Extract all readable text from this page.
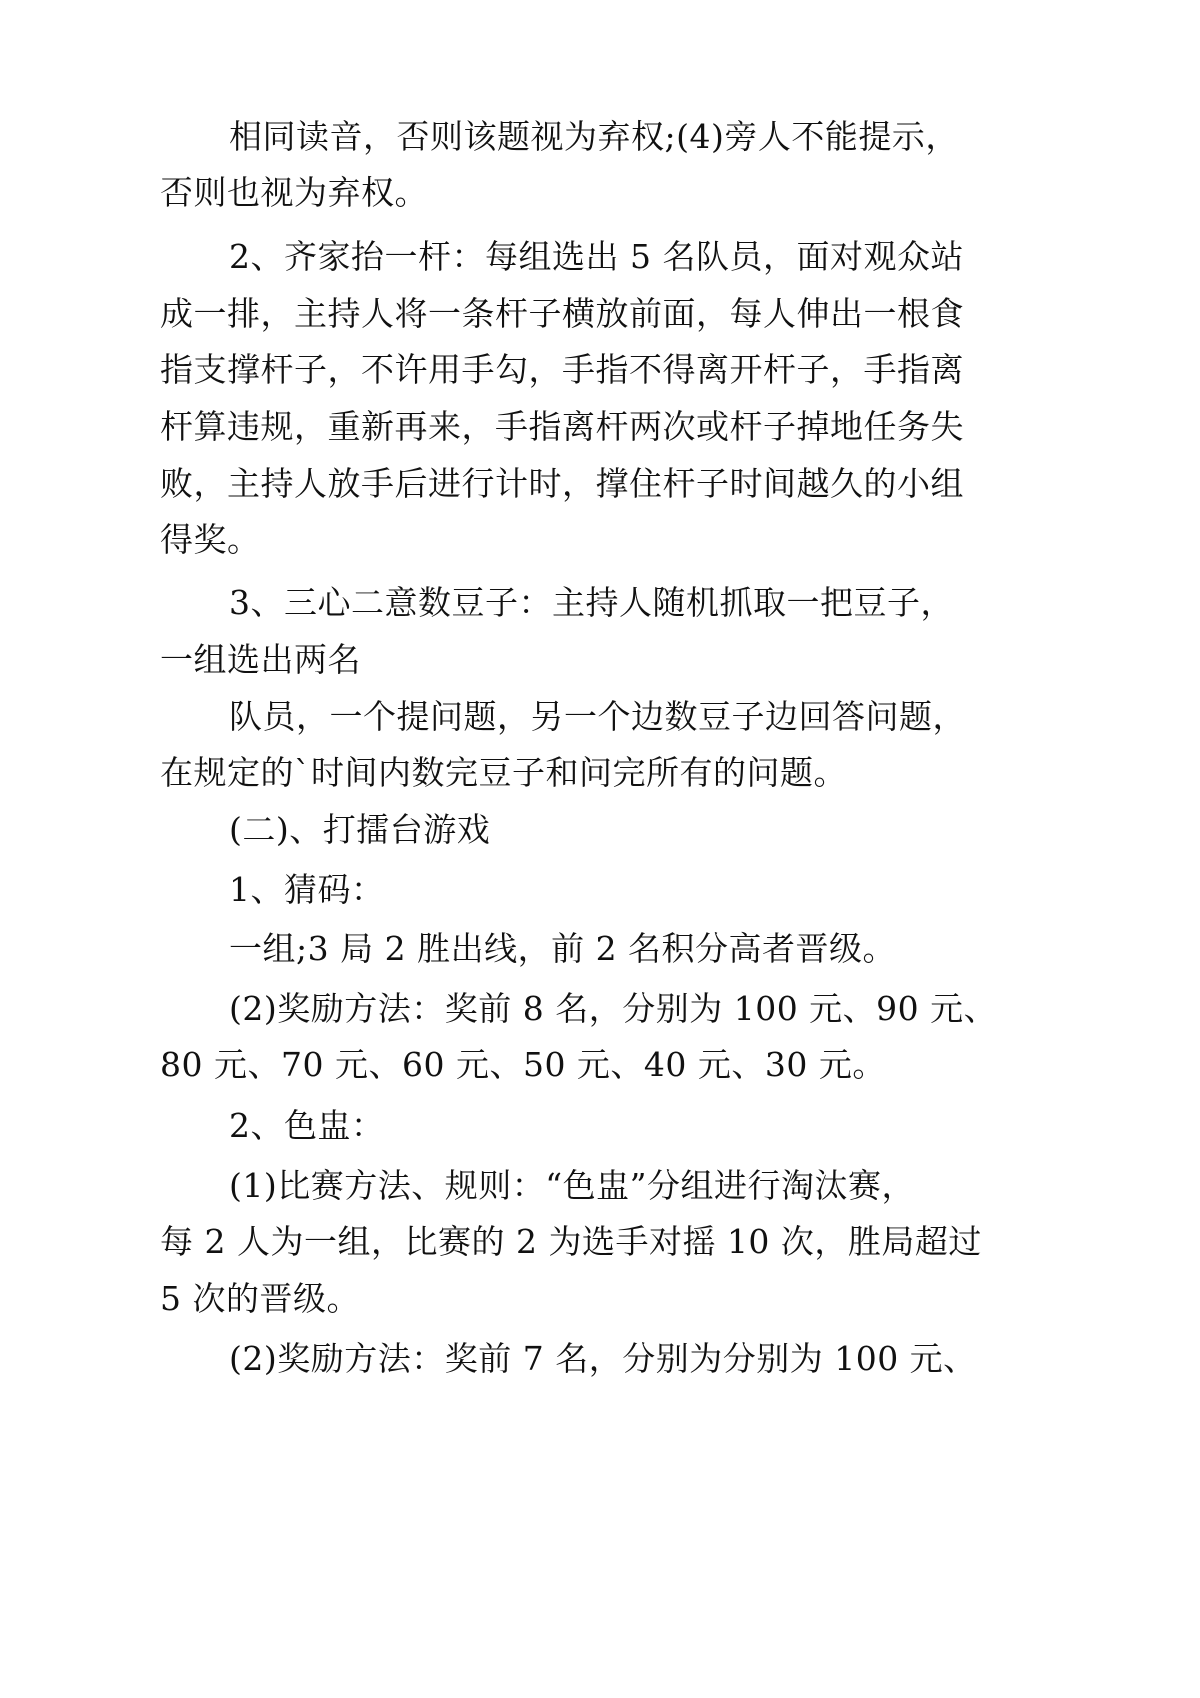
相同读音，否则该题视为弃权;(4)旁人不能提示，
否则也视为弃权。
2、齐家抬一杆：每组选出 5 名队员，面对观众站
成一排，主持人将一条杆子横放前面，每人伸出一根食
指支撑杆子，不许用手勾，手指不得离开杆子，手指离
杆算违规，重新再来，手指离杆两次或杆子掉地任务失
败，主持人放手后进行计时，撑住杆子时间越久的小组
得奖。
3、三心二意数豆子：主持人随机抓取一把豆子，
一组选出两名
队员，一个提问题，另一个边数豆子边回答问题，
在规定的`时间内数完豆子和问完所有的问题。
(二)、打擂台游戏
1、猜码：
一组;3 局 2 胜出线，前 2 名积分高者晋级。
(2)奖励方法：奖前 8 名，分别为 100 元、90 元、
80 元、70 元、60 元、50 元、40 元、30 元。
2、色盅：
(1)比赛方法、规则：“色盅”分组进行淘汰赛，
每 2 人为一组，比赛的 2 为选手对摇 10 次，胜局超过
5 次的晋级。
(2)奖励方法：奖前 7 名，分别为分别为 100 元、
